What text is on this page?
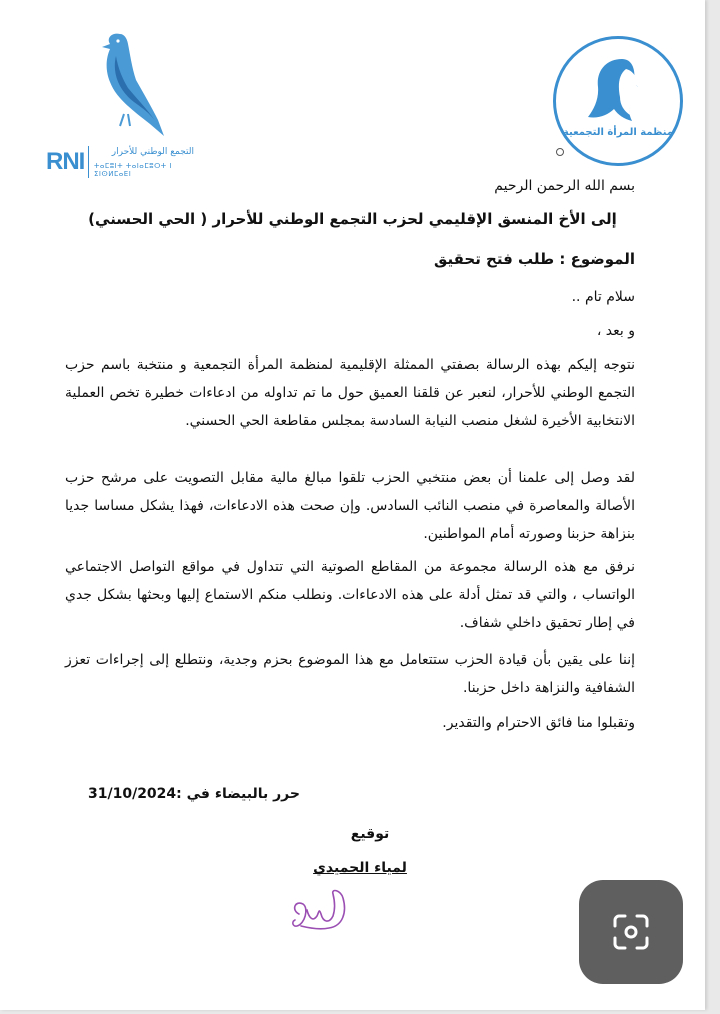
RNI	التجمع الوطني للأحرار
ⵜⴰⵎⵓⵏⵜ ⵜⴰⵏⴰⵎⵓⵔⵜ ⵏ ⵉⵏⵙⵍⵎⴰⴹⵏ
منظمة المرأة التجمعية
بسم الله الرحمن الرحيم
إلى الأخ المنسق الإقليمي لحزب التجمع الوطني للأحرار ( الحي الحسني)
الموضوع : طلب فتح تحقيق
سلام تام ..
و بعد ،
نتوجه إليكم بهذه الرسالة بصفتي الممثلة الإقليمية لمنظمة المرأة التجمعية و منتخبة باسم حزب التجمع الوطني للأحرار، لنعبر عن قلقنا العميق حول ما تم تداوله من ادعاءات خطيرة تخص العملية الانتخابية الأخيرة لشغل منصب النيابة السادسة بمجلس مقاطعة الحي الحسني.
لقد وصل إلى علمنا أن بعض منتخبي الحزب تلقوا مبالغ مالية مقابل التصويت على مرشح حزب الأصالة والمعاصرة في منصب النائب السادس. وإن صحت هذه الادعاءات، فهذا يشكل مساسا جديا بنزاهة حزبنا وصورته أمام المواطنين.
نرفق مع هذه الرسالة مجموعة من المقاطع الصوتية التي تتداول في مواقع التواصل الاجتماعي الواتساب ، والتي قد تمثل أدلة على هذه الادعاءات. ونطلب منكم الاستماع إليها وبحثها بشكل جدي في إطار تحقيق داخلي شفاف.
إننا على يقين بأن قيادة الحزب ستتعامل مع هذا الموضوع بحزم وجدية، ونتطلع إلى إجراءات تعزز الشفافية والنزاهة داخل حزبنا.
وتقبلوا منا فائق الاحترام والتقدير.
حرر بالبيضاء في :31/10/2024
توقيع
لمياء الحميدي
